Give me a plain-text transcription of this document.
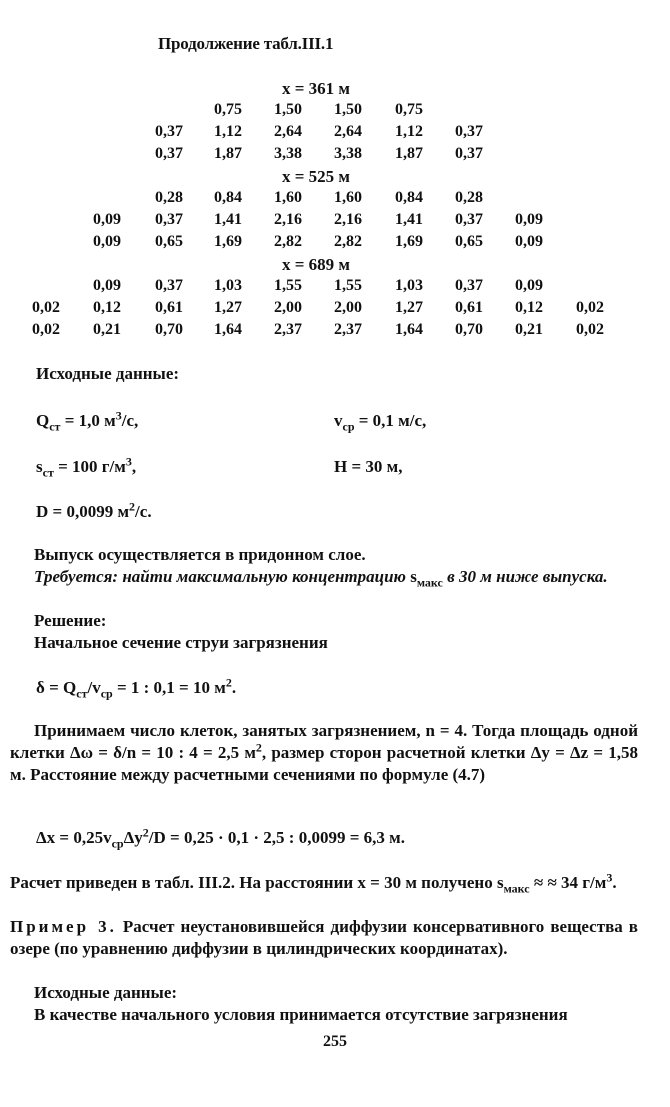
Продолжение табл.III.1
x = 361 м
0,75 1,50 1,50 0,75
0,37 1,12 2,64 2,64 1,12 0,37
0,37 1,87 3,38 3,38 1,87 0,37
x = 525 м
0,28 0,84 1,60 1,60 0,84 0,28
0,09 0,37 1,41 2,16 2,16 1,41 0,37 0,09
0,09 0,65 1,69 2,82 2,82 1,69 0,65 0,09
x = 689 м
0,09 0,37 1,03 1,55 1,55 1,03 0,37 0,09
0,02 0,12 0,61 1,27 2,00 2,00 1,27 0,61 0,12 0,02
0,02 0,21 0,70 1,64 2,37 2,37 1,64 0,70 0,21 0,02
Исходные данные:
$Q_{ст} = 1,0$ $м^3/с$,	$v_{ср} = 0,1$ м/с,
$s_{ст} = 100$ $г/м^3$,	H = 30 м,
D = 0,0099 $м^2/с$.
Выпуск осуществляется в придонном слое.
Требуется: найти максимальную концентрацию $s_{макс}$ в 30 м ниже выпуска.
Решение:
Начальное сечение струи загрязнения
$\delta = Q_{ст}/v_{ср} = 1$ : 0,1 = 10 $м^2$.
Принимаем число клеток, занятых загрязнением, n = 4. Тогда площадь одной клетки Δω = δ/n = 10 : 4 = 2,5 $м^2$, размер сторон расчетной клетки Δy = Δz = 1,58 м. Расстояние между расчетными сечениями по формуле (4.7)
$\Delta x = 0,25v_{ср}\Delta y^2/D = 0,25 \cdot 0,1 \cdot 2,5$ : 0,0099 = 6,3 м.
Расчет приведен в табл. III.2. На расстоянии x = 30 м получено $s_{макс}$ ≈ ≈ 34 $г/м^3$.
Пример 3. Расчет неустановившейся диффузии консервативного вещества в озере (по уравнению диффузии в цилиндрических координатах).
Исходные данные:
В качестве начального условия принимается отсутствие загрязнения
255
